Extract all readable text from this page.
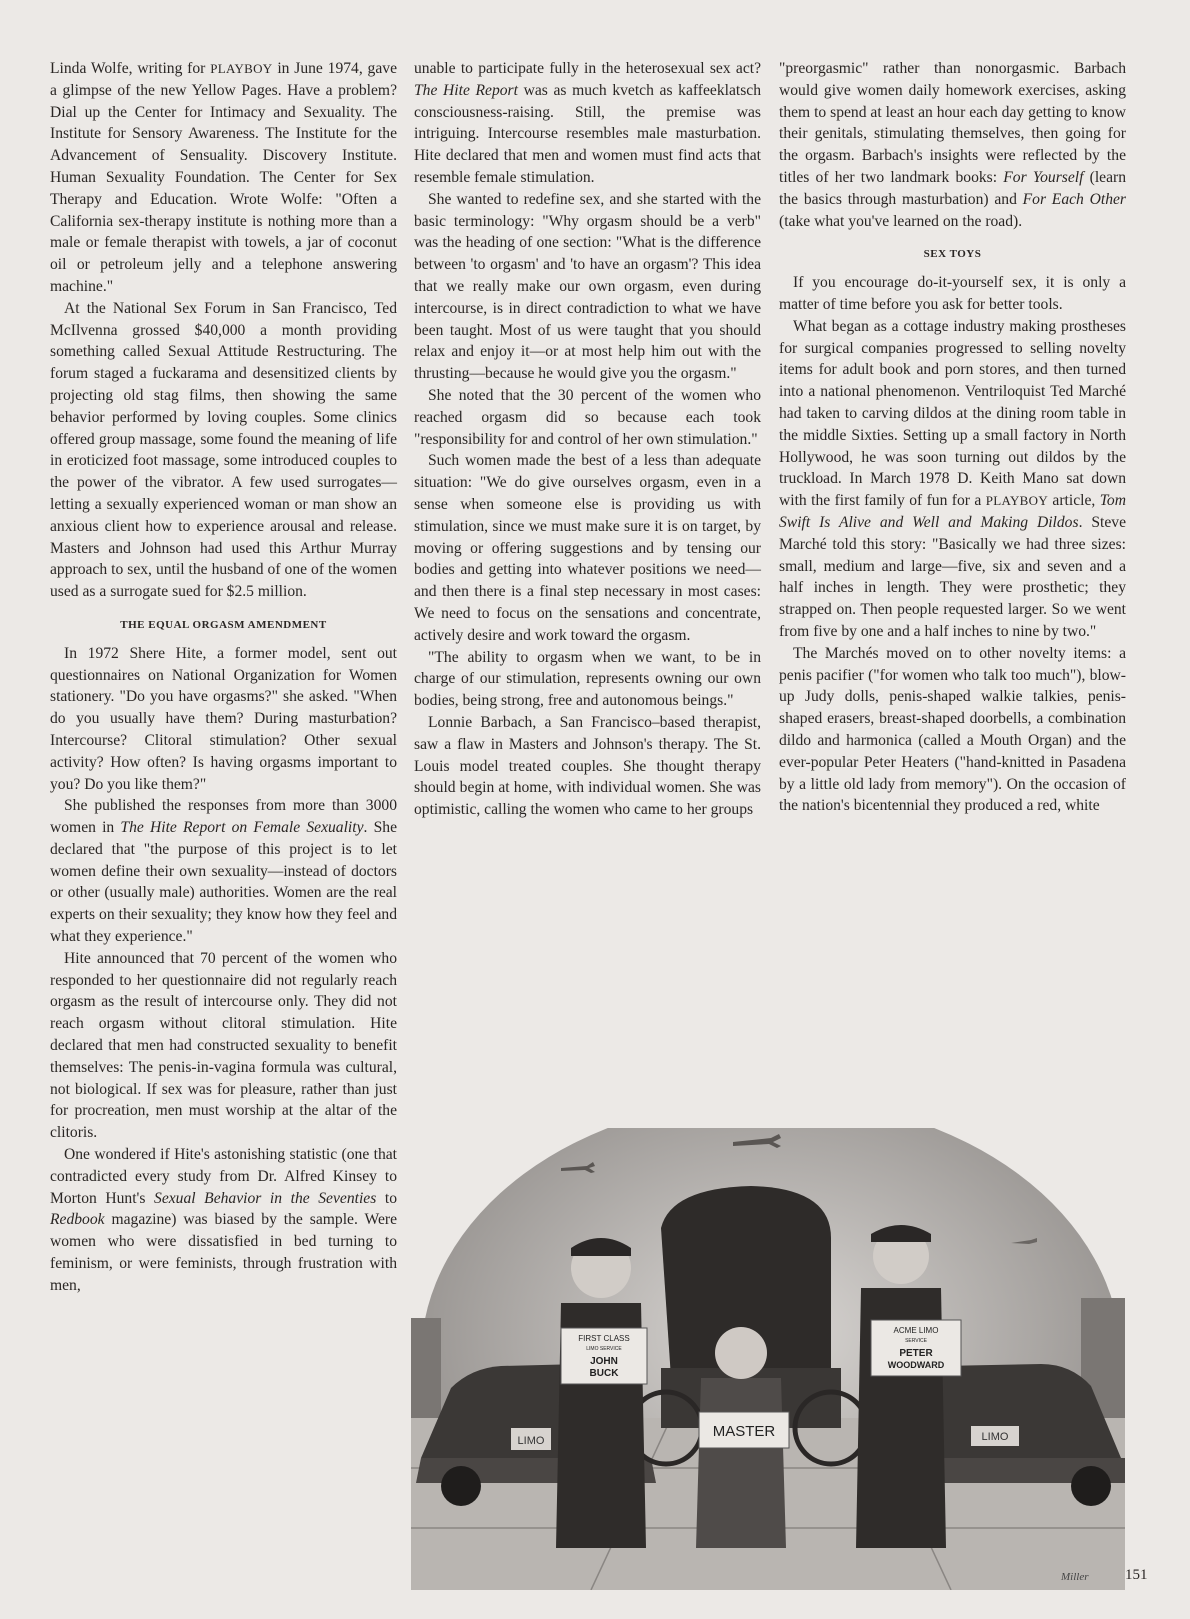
Linda Wolfe, writing for PLAYBOY in June 1974, gave a glimpse of the new Yellow Pages. Have a problem? Dial up the Center for Intimacy and Sexuality. The Institute for Sensory Awareness. The Institute for the Advancement of Sensuality. Discovery Institute. Human Sexuality Foundation. The Center for Sex Therapy and Education. Wrote Wolfe: "Often a California sex-therapy institute is nothing more than a male or female therapist with towels, a jar of coconut oil or petroleum jelly and a telephone answering machine."

At the National Sex Forum in San Francisco, Ted McIlvenna grossed $40,000 a month providing something called Sexual Attitude Restructuring. The forum staged a fuckarama and desensitized clients by projecting old stag films, then showing the same behavior performed by loving couples. Some clinics offered group massage, some found the meaning of life in eroticized foot massage, some introduced couples to the power of the vibrator. A few used surrogates—letting a sexually experienced woman or man show an anxious client how to experience arousal and release. Masters and Johnson had used this Arthur Murray approach to sex, until the husband of one of the women used as a surrogate sued for $2.5 million.

THE EQUAL ORGASM AMENDMENT

In 1972 Shere Hite, a former model, sent out questionnaires on National Organization for Women stationery. "Do you have orgasms?" she asked. "When do you usually have them? During masturbation? Intercourse? Clitoral stimulation? Other sexual activity? How often? Is having orgasms important to you? Do you like them?"

She published the responses from more than 3000 women in The Hite Report on Female Sexuality. She declared that "the purpose of this project is to let women define their own sexuality—instead of doctors or other (usually male) authorities. Women are the real experts on their sexuality; they know how they feel and what they experience."

Hite announced that 70 percent of the women who responded to her questionnaire did not regularly reach orgasm as the result of intercourse only. They did not reach orgasm without clitoral stimulation. Hite declared that men had constructed sexuality to benefit themselves: The penis-in-vagina formula was cultural, not biological. If sex was for pleasure, rather than just for procreation, men must worship at the altar of the clitoris.

One wondered if Hite's astonishing statistic (one that contradicted every study from Dr. Alfred Kinsey to Morton Hunt's Sexual Behavior in the Seventies to Redbook magazine) was biased by the sample. Were women who were dissatisfied in bed turning to feminism, or were feminists, through frustration with men,

unable to participate fully in the heterosexual sex act? The Hite Report was as much kvetch as kaffeeklatsch consciousness-raising. Still, the premise was intriguing. Intercourse resembles male masturbation. Hite declared that men and women must find acts that resemble female stimulation.

She wanted to redefine sex, and she started with the basic terminology: "Why orgasm should be a verb" was the heading of one section: "What is the difference between 'to orgasm' and 'to have an orgasm'? This idea that we really make our own orgasm, even during intercourse, is in direct contradiction to what we have been taught. Most of us were taught that you should relax and enjoy it—or at most help him out with the thrusting—because he would give you the orgasm."

She noted that the 30 percent of the women who reached orgasm did so because each took "responsibility for and control of her own stimulation."

Such women made the best of a less than adequate situation: "We do give ourselves orgasm, even in a sense when someone else is providing us with stimulation, since we must make sure it is on target, by moving or offering suggestions and by tensing our bodies and getting into whatever positions we need—and then there is a final step necessary in most cases: We need to focus on the sensations and concentrate, actively desire and work toward the orgasm.

"The ability to orgasm when we want, to be in charge of our stimulation, represents owning our own bodies, being strong, free and autonomous beings."

Lonnie Barbach, a San Francisco–based therapist, saw a flaw in Masters and Johnson's therapy. The St. Louis model treated couples. She thought therapy should begin at home, with individual women. She was optimistic, calling the women who came to her groups

"preorgasmic" rather than nonorgasmic. Barbach would give women daily homework exercises, asking them to spend at least an hour each day getting to know their genitals, stimulating themselves, then going for the orgasm. Barbach's insights were reflected by the titles of her two landmark books: For Yourself (learn the basics through masturbation) and For Each Other (take what you've learned on the road).

SEX TOYS

If you encourage do-it-yourself sex, it is only a matter of time before you ask for better tools.

What began as a cottage industry making prostheses for surgical companies progressed to selling novelty items for adult book and porn stores, and then turned into a national phenomenon. Ventriloquist Ted Marché had taken to carving dildos at the dining room table in the middle Sixties. Setting up a small factory in North Hollywood, he was soon turning out dildos by the truckload. In March 1978 D. Keith Mano sat down with the first family of fun for a PLAYBOY article, Tom Swift Is Alive and Well and Making Dildos. Steve Marché told this story: "Basically we had three sizes: small, medium and large—five, six and seven and a half inches in length. They were prosthetic; they strapped on. Then people requested larger. So we went from five by one and a half inches to nine by two."

The Marchés moved on to other novelty items: a penis pacifier ("for women who talk too much"), blow-up Judy dolls, penis-shaped walkie talkies, penis-shaped erasers, breast-shaped doorbells, a combination dildo and harmonica (called a Mouth Organ) and the ever-popular Peter Heaters ("hand-knitted in Pasadena by a little old lady from memory"). On the occasion of the nation's bicentennial they produced a red, white

LIMO	LIMO
FIRST CLASS
LIMO SERVICE
JOHN
BUCK
MASTER
ACME LIMO
SERVICE
PETER
WOODWARD
Miller 151
